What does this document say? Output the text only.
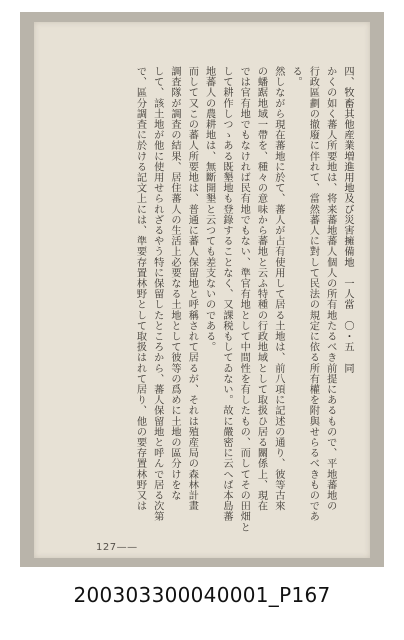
四、牧畜其他産業増進用地及び災害擁備地　一人當　〇・五　同

かくの如く蕃人所要地は、将来蕃地蕃人個人の所有地たるべき前提にあるもので、平地蕃地の

行政區劃の撤廢に伴れて、當然蕃人に對して民法の規定に依る所有權を附與せらるべきものであ

る。

然しながら現在蕃地に於て、蕃人が占有使用して居る土地は、前八項に記述の通り、彼等古來

の蟠踞地域一帶を、種々の意味から蕃地と云ふ特種の行政地域として取扱ひ居る關係上、現在

では官有地でもなければ民有地でもない、準官有地として中間性を有したもの、而してその田畑と

して耕作しつゝある既墾地も登錄することなく、又課税もしてゐない。故に嚴密に云へば本島蕃

地蕃人の農耕地は、無斷開墾と云つても差支ないのである。

而して又この蕃人所要地は、普通に蕃人保留地と呼稱されて居るが、それは殖産局の森林計畫

調査隊が調査の結果、居住蕃人の生活上必要なる土地として彼等の爲めに土地の區分けをな

して、該土地が他に使用せられざるやう特に保留したところから、蕃人保留地と呼んで居る次第

で、區分調査に於ける記文上には、準要存置林野として取扱はれて居り、他の要存置林野又は

127——
200303300040001_P167
